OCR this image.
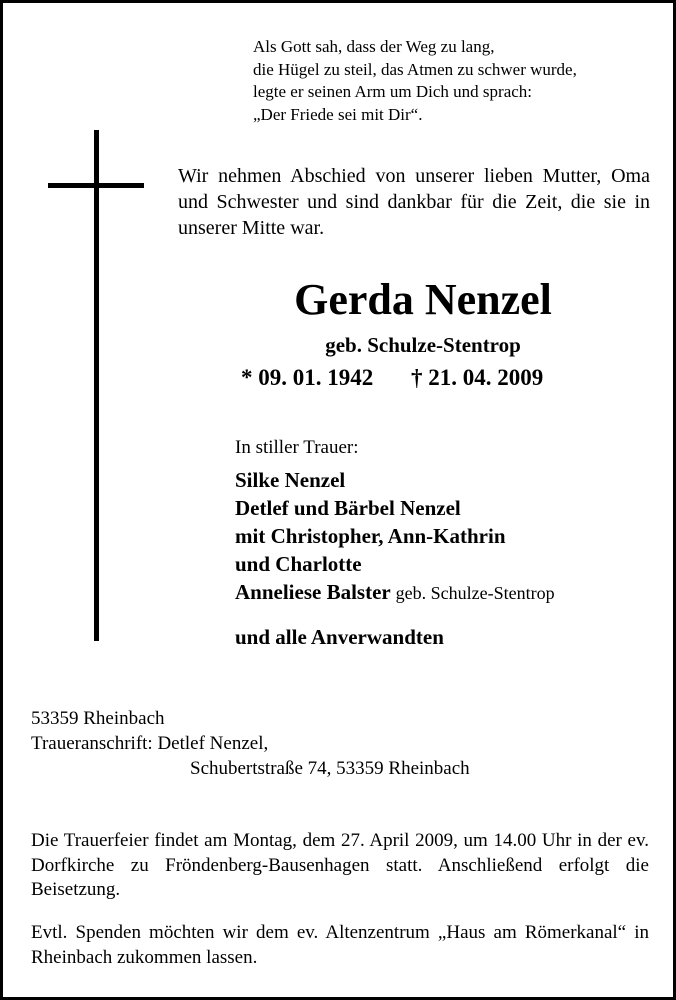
Als Gott sah, dass der Weg zu lang,
die Hügel zu steil, das Atmen zu schwer wurde,
legte er seinen Arm um Dich und sprach:
„Der Friede sei mit Dir“.
Wir nehmen Abschied von unserer lieben Mutter, Oma und Schwester und sind dankbar für die Zeit, die sie in unserer Mitte war.
Gerda Nenzel
geb. Schulze-Stentrop
* 09. 01. 1942 † 21. 04. 2009
In stiller Trauer:
Silke Nenzel
Detlef und Bärbel Nenzel
mit Christopher, Ann-Kathrin
und Charlotte
Anneliese Balster geb. Schulze-Stentrop
und alle Anverwandten
53359 Rheinbach
Traueranschrift: Detlef Nenzel,
Schubertstraße 74, 53359 Rheinbach
Die Trauerfeier findet am Montag, dem 27. April 2009, um 14.00 Uhr in der ev. Dorfkirche zu Fröndenberg-Bausenhagen statt. Anschließend erfolgt die Beisetzung.
Evtl. Spenden möchten wir dem ev. Altenzentrum „Haus am Römerkanal“ in Rheinbach zukommen lassen.
